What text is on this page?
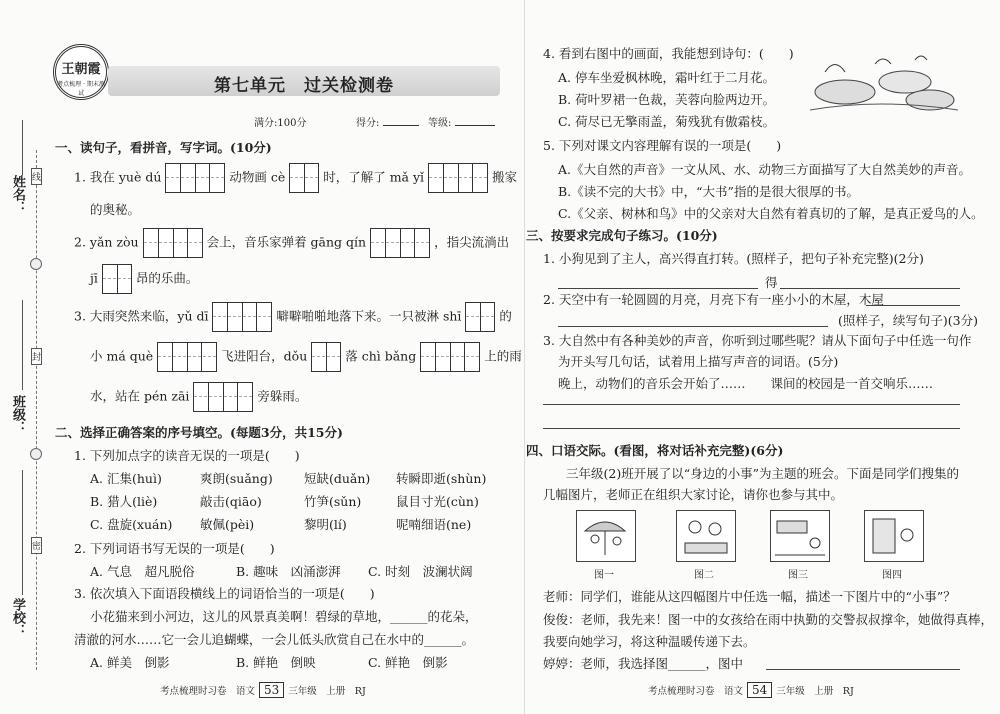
姓名：
班级：
学校：
线
封
密
王朝霞
考点梳理 · 期末测试	第七单元　过关检测卷
满分:100分	得分:	等级:
一、读句子，看拼音，写字词。(10分)
1. 我在 yuè dú	动物画 cè	时，了解了 mǎ yǐ	搬家
的奥秘。
2. yǎn zòu	会上，音乐家弹着 gāng qín	，指尖流淌出
jī	昂的乐曲。
3. 大雨突然来临，yǔ dī	噼噼啪啪地落下来。一只被淋 shī	的
小 má què	飞进阳台，dǒu	落 chì bǎng	上的雨
水，站在 pén zāi	旁躲雨。
二、选择正确答案的序号填空。(每题3分，共15分)
1. 下列加点字的读音无误的一项是(　　)
A. 汇集(huì)	爽朗(suǎng)	短缺(duǎn) 转瞬即逝(shùn)
B. 猎人(liè)	敲击(qiāo)	竹笋(sǔn)	鼠目寸光(cùn)
C. 盘旋(xuán) 敏佩(pèi)	黎明(lí)	呢喃细语(ne)
2. 下列词语书写无误的一项是(　　)
A. 气息　超凡脱俗	B. 趣味　凶涌澎湃 C. 时刻　波澜状阔
3. 依次填入下面语段横线上的词语恰当的一项是(　　)
小花猫来到小河边，这儿的风景真美啊！碧绿的草地，______的花朵，
清澈的河水……它一会儿追蝴蝶，一会儿低头欣赏自己在水中的______。
A. 鲜美　倒影	B. 鲜艳　倒映	C. 鲜艳　倒影
考点梳理时习卷　语文 53 三年级　上册　RJ
4. 看到右图中的画面，我能想到诗句：(　　)
A. 停车坐爱枫林晚，霜叶红于二月花。
B. 荷叶罗裙一色裁，芙蓉向脸两边开。
C. 荷尽已无擎雨盖，菊残犹有傲霜枝。
5. 下列对课文内容理解有误的一项是(　　)
A.《大自然的声音》一文从风、水、动物三方面描写了大自然美妙的声音。
B.《读不完的大书》中，“大书”指的是很大很厚的书。
C.《父亲、树林和鸟》中的父亲对大自然有着真切的了解，是真正爱鸟的人。
三、按要求完成句子练习。(10分)
1. 小狗见到了主人，高兴得直打转。(照样子，把句子补充完整)(2分)
得
2. 天空中有一轮圆圆的月亮，月亮下有一座小小的木屋，木屋
(照样子，续写句子)(3分)
3. 大自然中有各种美妙的声音，你听到过哪些呢？请从下面句子中任选一句作
为开头写几句话，试着用上描写声音的词语。(5分)
晚上，动物们的音乐会开始了……　　课间的校园是一首交响乐……
四、口语交际。(看图，将对话补充完整)(6分)
三年级(2)班开展了以“身边的小事”为主题的班会。下面是同学们搜集的
几幅图片，老师正在组织大家讨论，请你也参与其中。
图一	图二	图三	图四
老师：同学们，谁能从这四幅图片中任选一幅，描述一下图片中的“小事”？
俊俊：老师，我先来！图一中的女孩给在雨中执勤的交警叔叔撑伞，她做得真棒，
我要向她学习，将这种温暖传递下去。
婷婷：老师，我选择图______，图中
考点梳理时习卷　语文 54 三年级　上册　RJ
